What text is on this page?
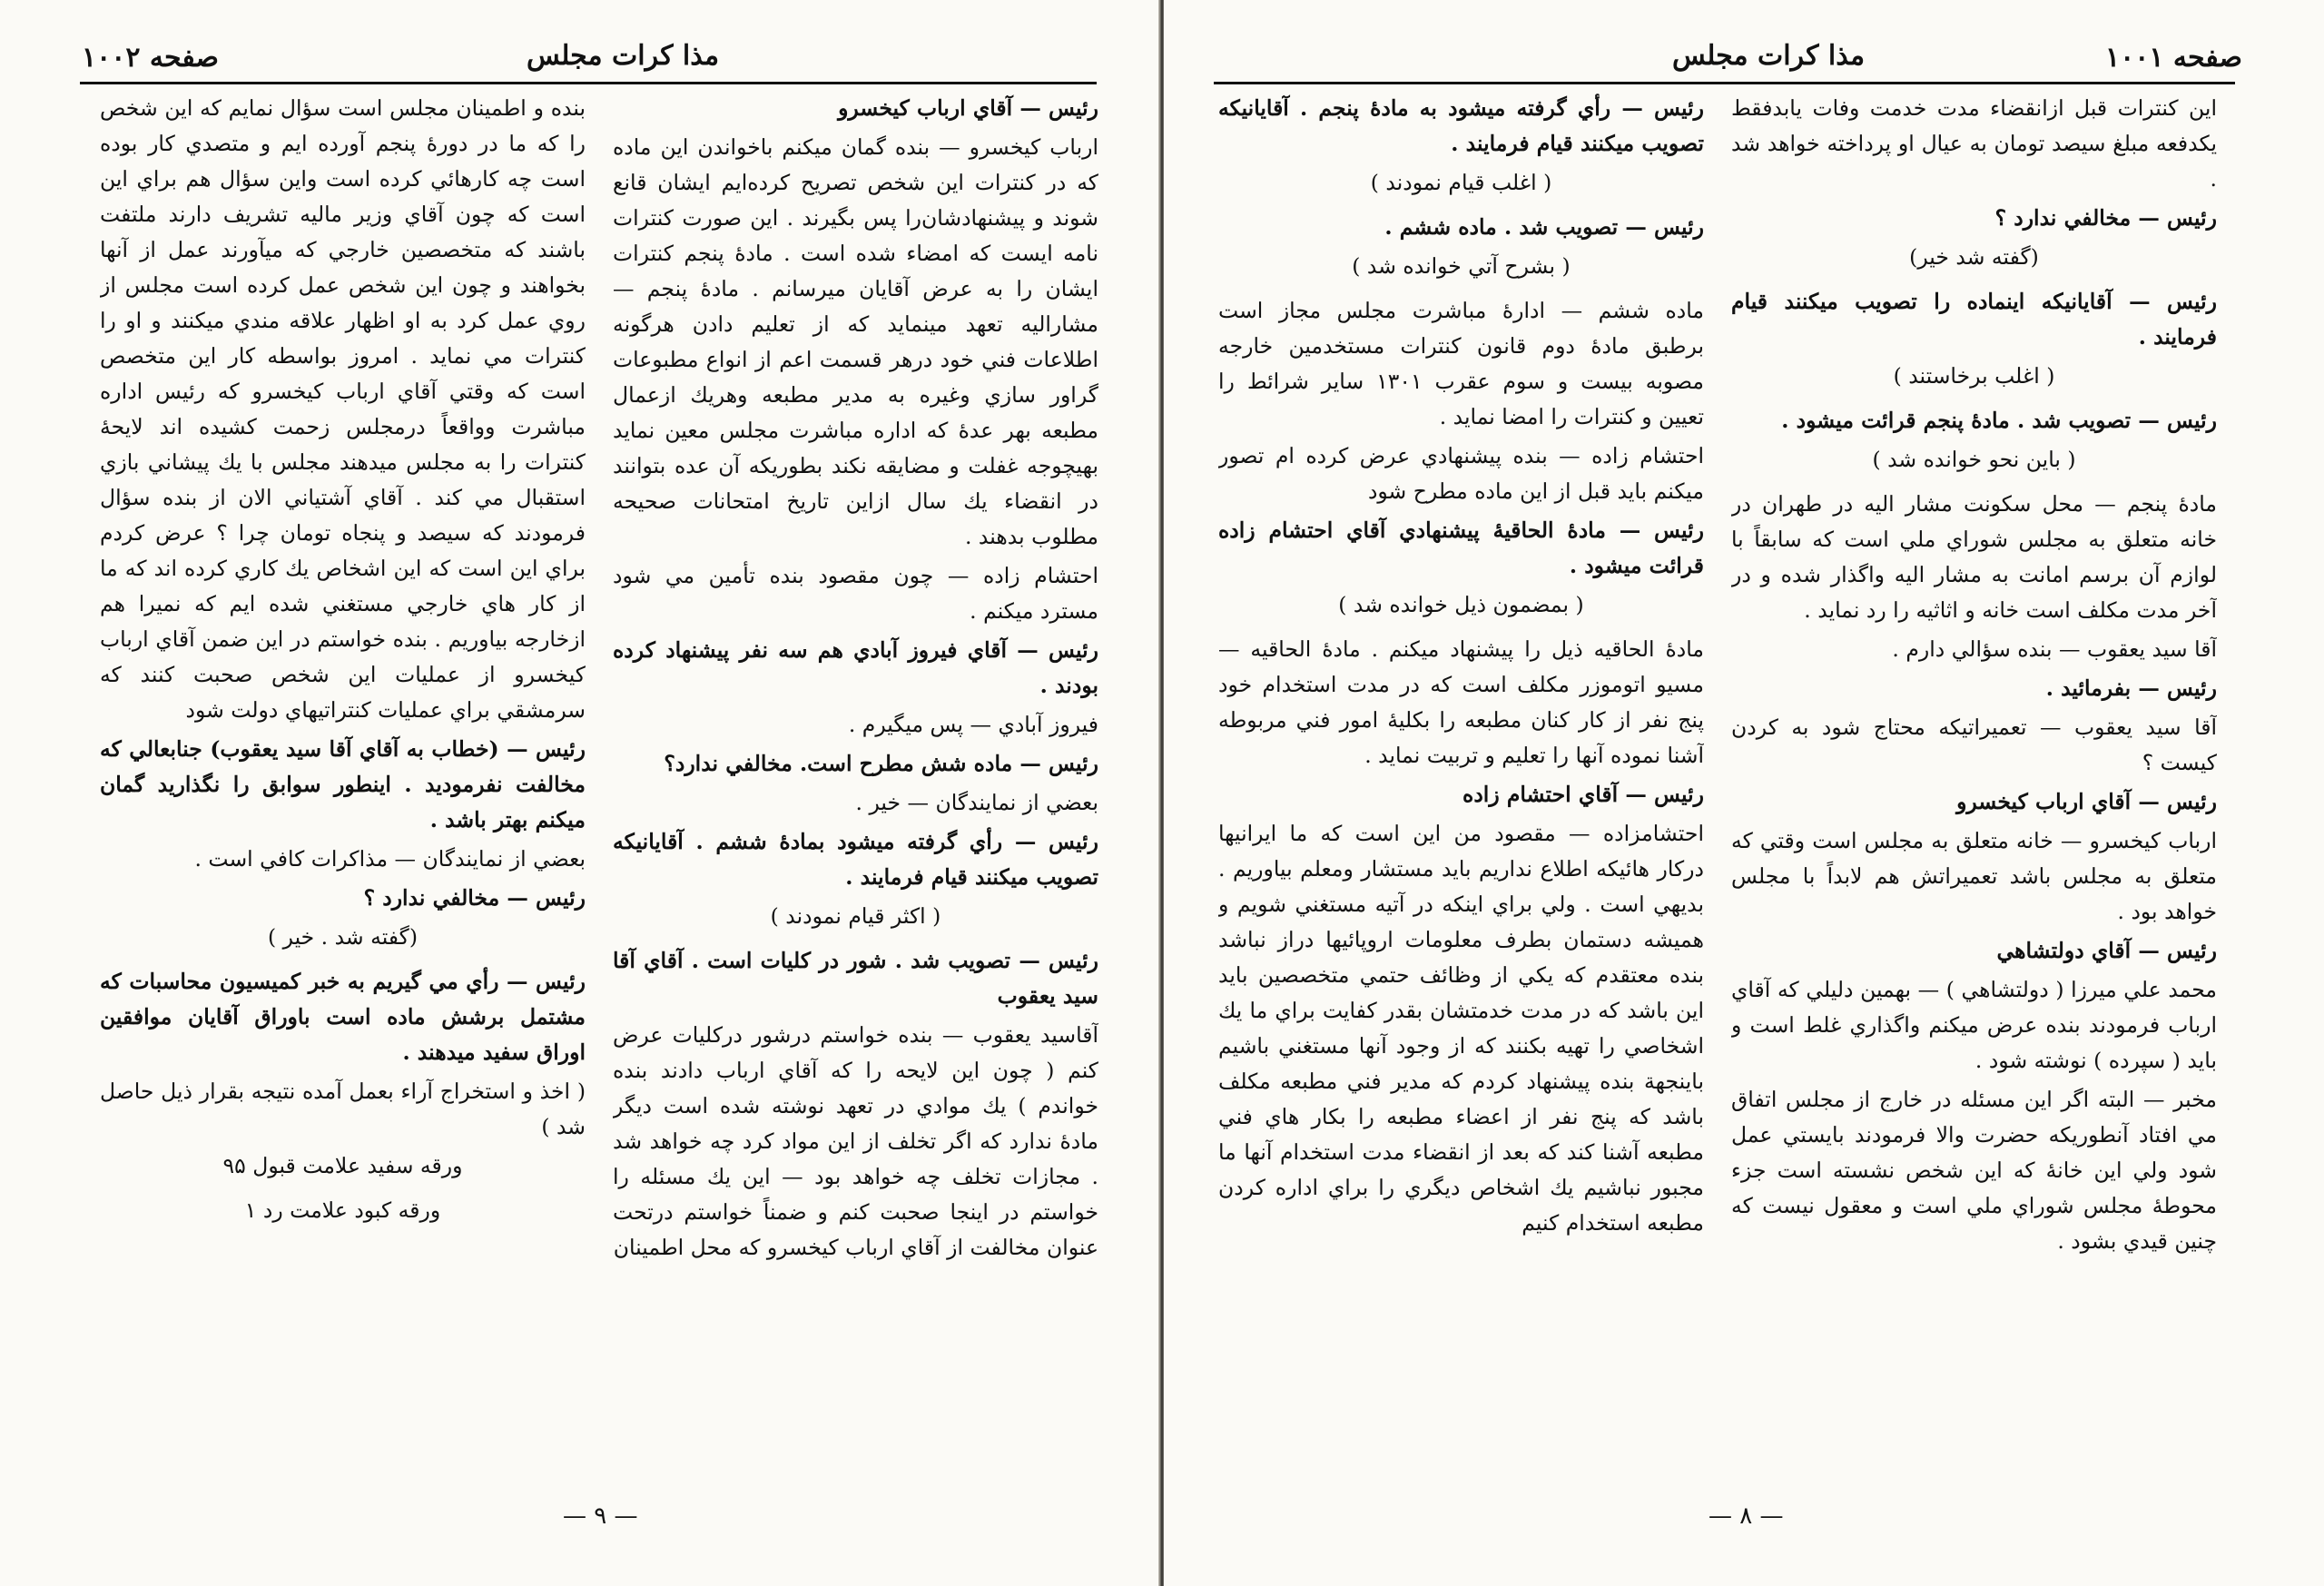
صفحه ۱۰۰۲	مذا كرات مجلس

رئيس — آقاي ارباب كيخسرو

ارباب كيخسرو — بنده گمان ميكنم باخواندن اين ماده كه در كنترات اين شخص تصريح كرده‌ايم ايشان قانع شوند و پيشنهادشان‌را پس بگيرند . اين صورت كنترات نامه ايست كه امضاء شده است . مادهٔ پنجم كنترات ايشان را به عرض آقايان ميرسانم . مادهٔ پنجم — مشاراليه تعهد مينمايد كه از تعليم دادن هرگونه اطلاعات فني خود درهر قسمت اعم از انواع مطبوعات گراور سازي وغيره به مدير مطبعه وهريك ازعمال مطبعه بهر عدهٔ كه اداره مباشرت مجلس معين نمايد بهيچوجه غفلت و مضايقه نكند بطوريكه آن عده بتوانند در انقضاء يك سال ازاين تاريخ امتحانات صحيحه مطلوب بدهند .

احتشام زاده — چون مقصود بنده تأمين مي شود مسترد ميكنم .

رئيس — آقاي فيروز آبادي هم سه نفر پيشنهاد كرده بودند .

فيروز آبادي — پس ميگيرم .

رئيس — ماده شش مطرح است. مخالفي ندارد؟

بعضي از نمايندگان — خير .

رئيس — رأي گرفته ميشود بمادهٔ ششم . آقايانيكه تصويب ميكنند قيام فرمايند .

( اكثر قيام نمودند )

رئيس — تصويب شد . شور در كليات است . آقاي آقا سيد يعقوب

آقاسيد يعقوب — بنده خواستم درشور دركليات عرض كنم ( چون اين لايحه را كه آقاي ارباب دادند بنده خواندم ) يك موادي در تعهد نوشته شده است ديگر مادهٔ ندارد كه اگر تخلف از اين مواد كرد چه خواهد شد . مجازات تخلف چه خواهد بود — اين يك مسئله را خواستم در اينجا صحبت كنم و ضمناً خواستم درتحت عنوان مخالفت از آقاي ارباب كيخسرو كه محل اطمينان

بنده و اطمينان مجلس است سؤال نمايم كه اين شخص را كه ما در دورهٔ پنجم آورده ايم و متصدي كار بوده است چه كارهائي كرده است واين سؤال هم براي اين است كه چون آقاي وزير ماليه تشريف دارند ملتفت باشند كه متخصصين خارجي كه ميآورند عمل از آنها بخواهند و چون اين شخص عمل كرده است مجلس از روي عمل كرد به او اظهار علاقه مندي ميكنند و او را كنترات مي نمايد . امروز بواسطه كار اين متخصص است كه وقتي آقاي ارباب كيخسرو كه رئيس اداره مباشرت وواقعاً درمجلس زحمت كشيده اند لايحهٔ كنترات را به مجلس ميدهند مجلس با يك پيشاني بازي استقبال مي كند . آقاي آشتياني الان از بنده سؤال فرمودند كه سيصد و پنجاه تومان چرا ؟ عرض كردم براي اين است كه اين اشخاص يك كاري كرده اند كه ما از كار هاي خارجي مستغني شده ايم كه نميرا هم ازخارجه بياوريم . بنده خواستم در اين ضمن آقاي ارباب كيخسرو از عمليات اين شخص صحبت كنند كه سرمشقي براي عمليات كنتراتيهاي دولت شود

رئيس — (خطاب به آقاي آقا سيد يعقوب) جنابعالي كه مخالفت نفرموديد . اينطور سوابق را نگذاريد گمان ميكنم بهتر باشد .

بعضي از نمايندگان — مذاكرات كافي است .

رئيس — مخالفي ندارد ؟

(گفته شد . خير )

رئيس — رأي مي گيريم به خبر كميسيون محاسبات كه مشتمل برشش ماده است باوراق آقايان موافقين اوراق سفيد ميدهند .

( اخذ و استخراج آراء بعمل آمده نتيجه بقرار ذيل حاصل شد )

ورقه سفيد علامت قبول ۹۵

ورقه كبود علامت رد ۱

— ۹ —
صفحه ۱۰۰۱
مذا كرات مجلس

اين كنترات قبل ازانقضاء مدت خدمت وفات يابدفقط يكدفعه مبلغ سيصد تومان به عيال او پرداخته خواهد شد .

رئيس — مخالفي ندارد ؟

(گفته شد خير)

رئيس — آقايانيكه اينماده را تصويب ميكنند قيام فرمايند .

( اغلب برخاستند )

رئيس — تصويب شد . مادهٔ پنجم قرائت ميشود .

( باين نحو خوانده شد )

مادهٔ پنجم — محل سكونت مشار اليه در طهران در خانه متعلق به مجلس شوراي ملي است كه سابقاً با لوازم آن برسم امانت به مشار اليه واگذار شده و در آخر مدت مكلف است خانه و اثاثيه را رد نمايد .

آقا سيد يعقوب — بنده سؤالي دارم .

رئيس — بفرمائيد .

آقا سيد يعقوب — تعميراتيكه محتاج شود به كردن كيست ؟

رئيس — آقاي ارباب كيخسرو

ارباب كيخسرو — خانه متعلق به مجلس است وقتي كه متعلق به مجلس باشد تعميراتش هم لابداً با مجلس خواهد بود .

رئيس — آقاي دولتشاهي

محمد علي ميرزا ( دولتشاهي ) — بهمين دليلي كه آقاي ارباب فرمودند بنده عرض ميكنم واگذاري غلط است و بايد ( سپرده ) نوشته شود .

مخبر — البته اگر اين مسئله در خارج از مجلس اتفاق مي افتاد آنطوريكه حضرت والا فرمودند بايستي عمل شود ولي اين خانهٔ كه اين شخص نشسته است جزء محوطهٔ مجلس شوراي ملي است و معقول نيست كه چنين قيدي بشود .

رئيس — رأي گرفته ميشود به مادهٔ پنجم . آقايانيكه تصويب ميكنند قيام فرمايند .

( اغلب قيام نمودند )

رئيس — تصويب شد . ماده ششم .

( بشرح آتي خوانده شد )

ماده ششم — ادارهٔ مباشرت مجلس مجاز است برطبق مادهٔ دوم قانون كنترات مستخدمين خارجه مصوبه بيست و سوم عقرب ۱۳۰۱ ساير شرائط را تعيين و كنترات را امضا نمايد .

احتشام زاده — بنده پيشنهادي عرض كرده ام تصور ميكنم بايد قبل از اين ماده مطرح شود

رئيس — مادهٔ الحاقيهٔ پيشنهادي آقاي احتشام زاده قرائت ميشود .

( بمضمون ذيل خوانده شد )

مادهٔ الحاقيه ذيل را پيشنهاد ميكنم . مادهٔ الحاقيه — مسيو اتوموزر مكلف است كه در مدت استخدام خود پنج نفر از كار كنان مطبعه را بكليهٔ امور فني مربوطه آشنا نموده آنها را تعليم و تربيت نمايد .

رئيس — آقاي احتشام زاده

احتشامزاده — مقصود من اين است كه ما ايرانيها دركار هائيكه اطلاع نداريم بايد مستشار ومعلم بياوريم . بديهي است . ولي براي اينكه در آتيه مستغني شويم و هميشه دستمان بطرف معلومات اروپائيها دراز نباشد بنده معتقدم كه يكي از وظائف حتمي متخصصين بايد اين باشد كه در مدت خدمتشان بقدر كفايت براي ما يك اشخاصي را تهيه بكنند كه از وجود آنها مستغني باشيم باينجهة بنده پيشنهاد كردم كه مدير فني مطبعه مكلف باشد كه پنج نفر از اعضاء مطبعه را بكار هاي فني مطبعه آشنا كند كه بعد از انقضاء مدت استخدام آنها ما مجبور نباشيم يك اشخاص ديگري را براي اداره كردن مطبعه استخدام كنيم

— ۸ —
